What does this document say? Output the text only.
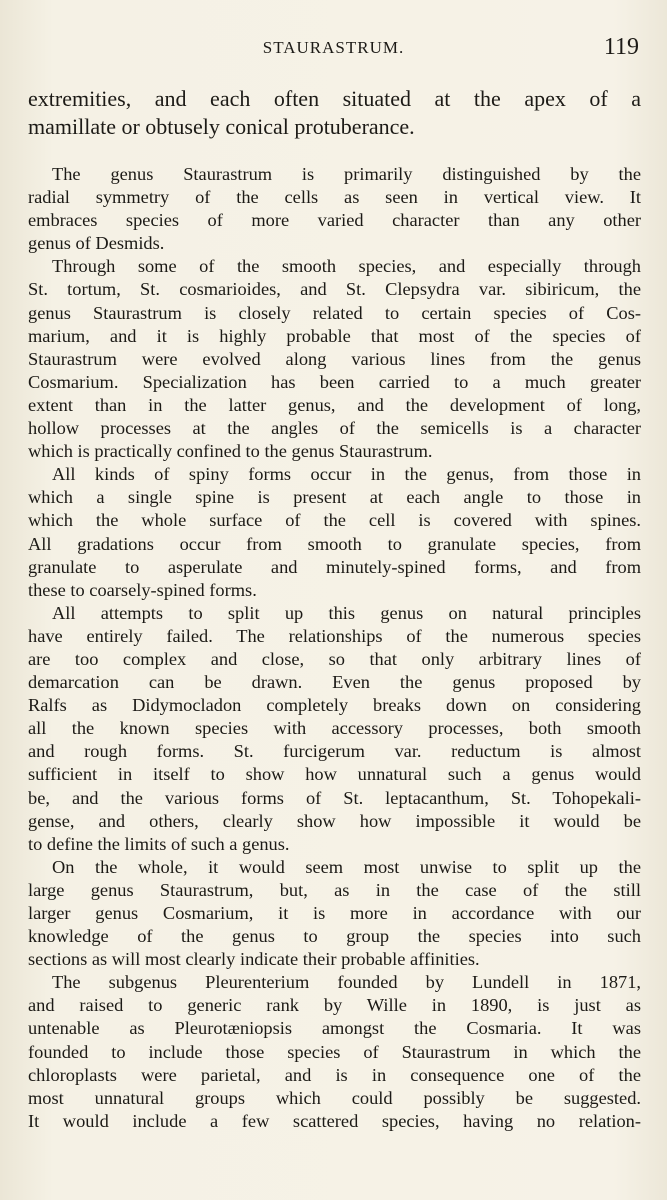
STAURASTRUM.	119
extremities, and each often situated at the apex of a
mamillate or obtusely conical protuberance.
The genus Staurastrum is primarily distinguished by the
radial symmetry of the cells as seen in vertical view. It
embraces species of more varied character than any other
genus of Desmids.
Through some of the smooth species, and especially through
St. tortum, St. cosmarioides, and St. Clepsydra var. sibiricum, the
genus Staurastrum is closely related to certain species of Cos-
marium, and it is highly probable that most of the species of
Staurastrum were evolved along various lines from the genus
Cosmarium. Specialization has been carried to a much greater
extent than in the latter genus, and the development of long,
hollow processes at the angles of the semicells is a character
which is practically confined to the genus Staurastrum.
All kinds of spiny forms occur in the genus, from those in
which a single spine is present at each angle to those in
which the whole surface of the cell is covered with spines.
All gradations occur from smooth to granulate species, from
granulate to asperulate and minutely-spined forms, and from
these to coarsely-spined forms.
All attempts to split up this genus on natural principles
have entirely failed. The relationships of the numerous species
are too complex and close, so that only arbitrary lines of
demarcation can be drawn. Even the genus proposed by
Ralfs as Didymocladon completely breaks down on considering
all the known species with accessory processes, both smooth
and rough forms. St. furcigerum var. reductum is almost
sufficient in itself to show how unnatural such a genus would
be, and the various forms of St. leptacanthum, St. Tohopekali-
gense, and others, clearly show how impossible it would be
to define the limits of such a genus.
On the whole, it would seem most unwise to split up the
large genus Staurastrum, but, as in the case of the still
larger genus Cosmarium, it is more in accordance with our
knowledge of the genus to group the species into such
sections as will most clearly indicate their probable affinities.
The subgenus Pleurenterium founded by Lundell in 1871,
and raised to generic rank by Wille in 1890, is just as
untenable as Pleurotæniopsis amongst the Cosmaria. It was
founded to include those species of Staurastrum in which the
chloroplasts were parietal, and is in consequence one of the
most unnatural groups which could possibly be suggested.
It would include a few scattered species, having no relation-
